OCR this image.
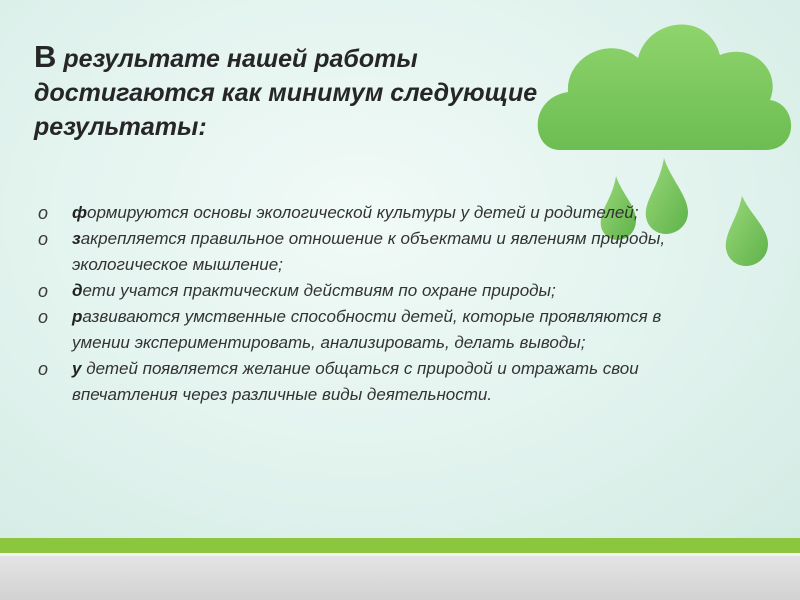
В результате нашей работы достигаются как минимум следующие результаты:
o формируются основы экологической культуры у детей и родителей;
o закрепляется правильное отношение к объектами и явлениям природы, экологическое мышление;
o дети учатся практическим действиям по охране природы;
o развиваются умственные способности детей, которые проявляются в умении экспериментировать, анализировать, делать выводы;
o у детей появляется желание общаться с природой и отражать свои впечатления через различные виды деятельности.
